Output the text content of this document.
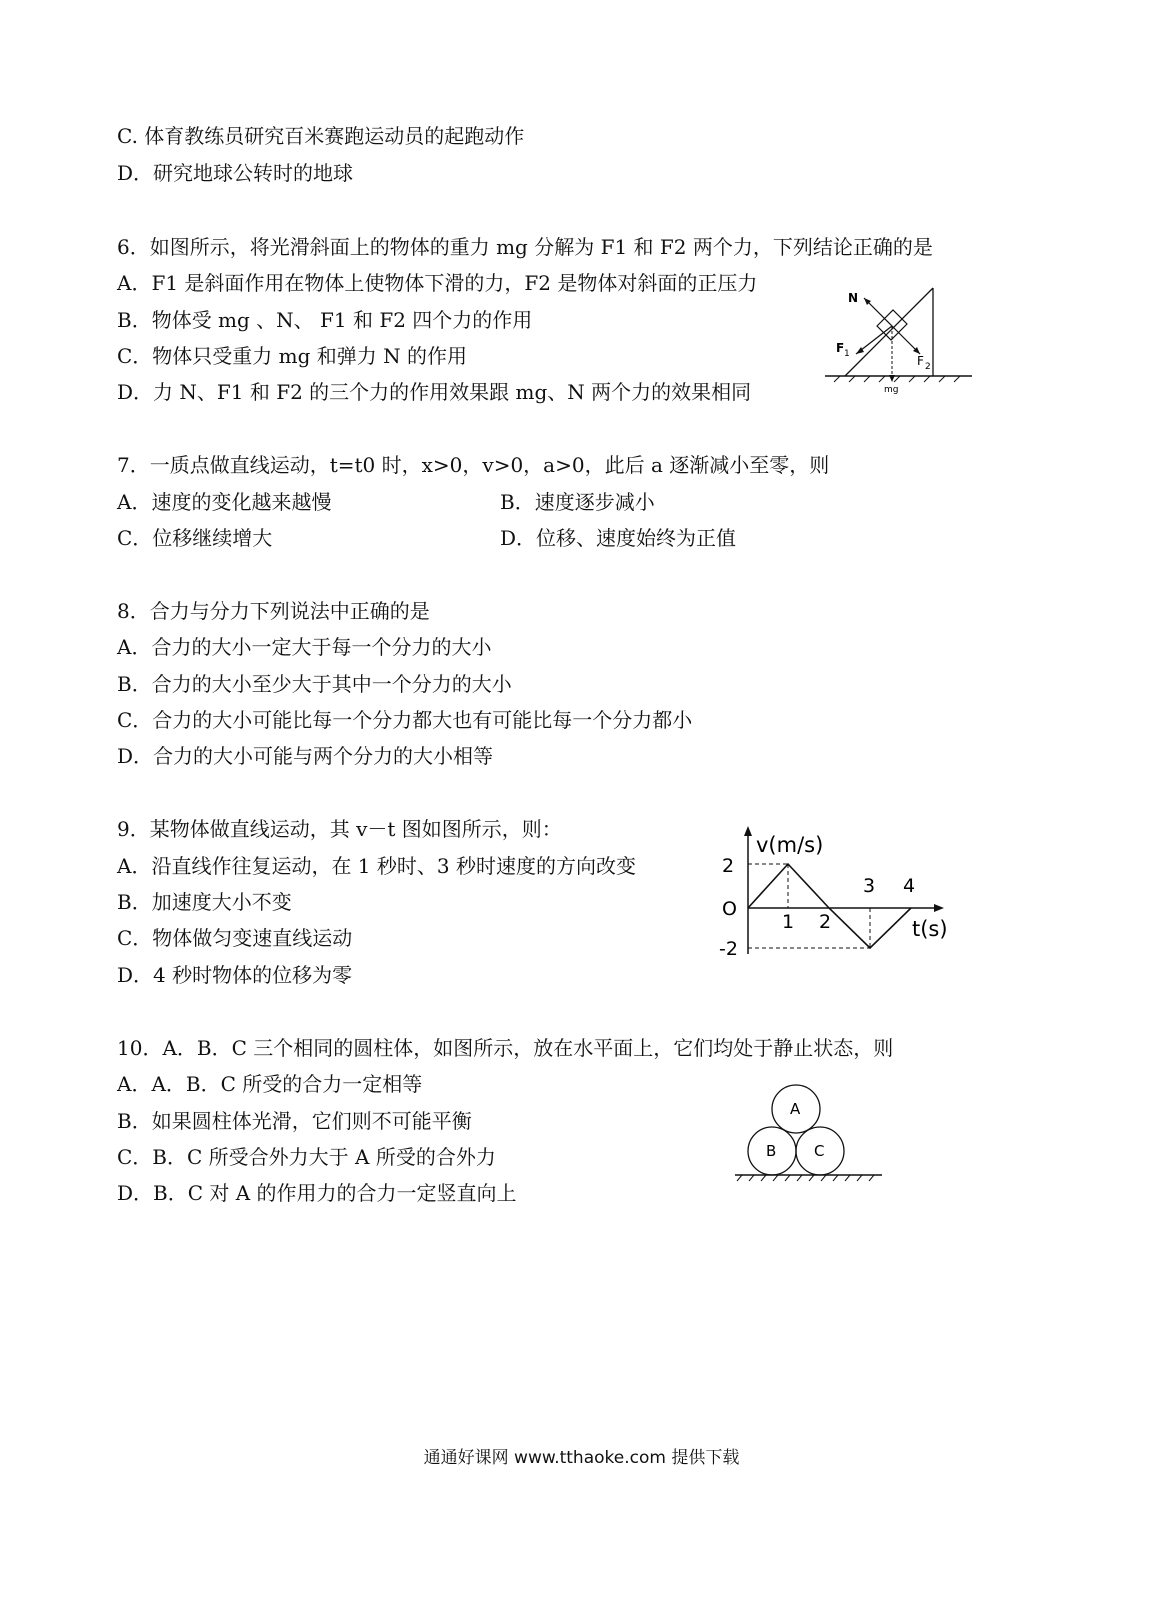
C. 体育教练员研究百米赛跑运动员的起跑动作
D．研究地球公转时的地球
6．如图所示，将光滑斜面上的物体的重力 mg 分解为 F1 和 F2 两个力，下列结论正确的是
A．F1 是斜面作用在物体上使物体下滑的力，F2 是物体对斜面的正压力
B．物体受 mg 、N、 F1 和 F2 四个力的作用
C．物体只受重力 mg 和弹力 N 的作用
D．力 N、F1 和 F2 的三个力的作用效果跟 mg、N 两个力的效果相同
N
F 1	F 2
mg
7．一质点做直线运动，t=t0 时，x>0，v>0，a>0，此后 a 逐渐减小至零，则
A．速度的变化越来越慢	B．速度逐步减小
C．位移继续增大	D．位移、速度始终为正值
8．合力与分力下列说法中正确的是
A．合力的大小一定大于每一个分力的大小
B．合力的大小至少大于其中一个分力的大小
C．合力的大小可能比每一个分力都大也有可能比每一个分力都小
D．合力的大小可能与两个分力的大小相等
9．某物体做直线运动，其 v－t 图如图所示，则：
A．沿直线作往复运动，在 1 秒时、3 秒时速度的方向改变
B．加速度大小不变
C．物体做匀变速直线运动
D．4 秒时物体的位移为零
v(m/s)
t(s)
2
-2
O
1 2
3 4
10．A．B．C 三个相同的圆柱体，如图所示，放在水平面上，它们均处于静止状态，则
A．A．B．C 所受的合力一定相等
B．如果圆柱体光滑，它们则不可能平衡
C．B．C 所受合外力大于 A 所受的合外力
D．B．C 对 A 的作用力的合力一定竖直向上
A
B	C
通通好课网 www.tthaoke.com 提供下载
